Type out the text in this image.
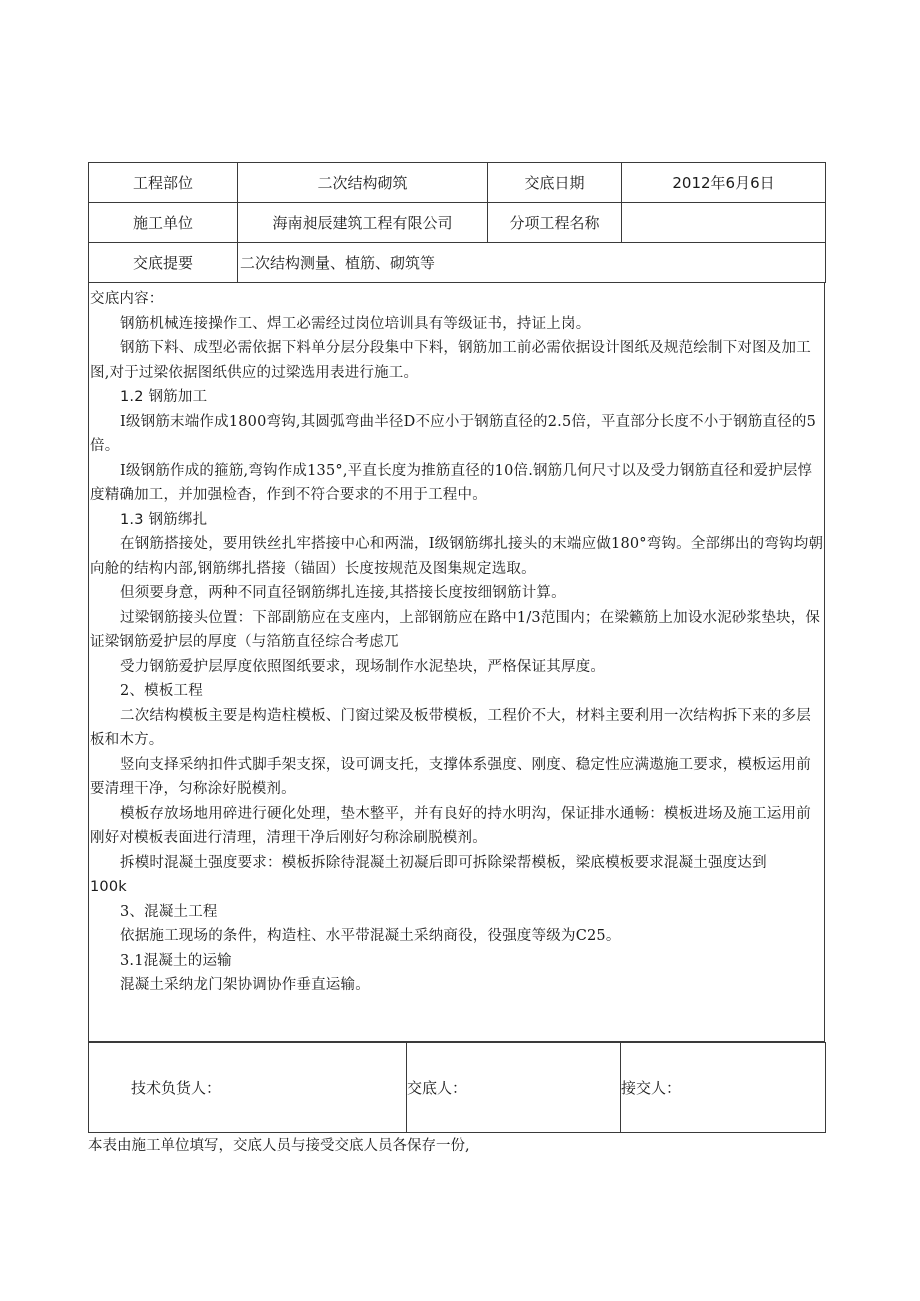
工程部位	二次结构砌筑	交底日期	2012年6月6日
施工单位	海南昶辰建筑工程有限公司	分项工程名称	
交底提要	二次结构测量、植筋、砌筑等		

交底内容：

钢筋机械连接操作工、焊工必需经过岗位培训具有等级证书，持证上岗。

钢筋下料、成型必需依据下料单分层分段集中下料，钢筋加工前必需依据设计图纸及规范绘制下对图及加工图,对于过梁依据图纸供应的过梁选用表进行施工。

1.2 钢筋加工

I级钢筋末端作成1800弯钩,其圆弧弯曲半径D不应小于钢筋直径的2.5倍，平直部分长度不小于钢筋直径的5倍。

I级钢筋作成的箍筋,弯钩作成135°,平直长度为推筋直径的10倍.钢筋几何尺寸以及受力钢筋直径和爱护层惇度精确加工，并加强检杳，作到不符合要求的不用于工程中。

1.3 钢筋绑扎

在钢筋搭接处，要用铁丝扎牢搭接中心和两湍，I级钢筋绑扎接头的末端应做180°弯钩。全部绑出的弯钩均朝向舱的结构内部,钢筋绑扎搭接（锚固）长度按规范及图集规定选取。

但须要身意，两种不同直径钢筋绑扎连接,其搭接长度按细钢筋计算。

过梁钢筋接头位置：下部副筋应在支座内，上部钢筋应在路中1/3范围内；在梁籁筋上加设水泥砂浆垫块，保证梁钢筋爱护层的厚度（与箔筋直径综合考虑兀

受力钢筋爱护层厚度依照图纸要求，现场制作水泥垫块，严格保证其厚度。

2、模板工程

二次结构模板主要是构造柱模板、门窗过梁及板带模板，工程价不大，材料主要利用一次结构拆下来的多层板和木方。

竖向支择采纳扣件式脚手架支探，设可调支托，支撑体系强度、刚度、稳定性应满遨施工要求，模板运用前要清理干净，匀称涂好脱模剂。

模板存放场地用碎进行硬化处理，垫木整平，并有良好的持水明沟，保证排水通畅：模板进场及施工运用前刚好对模板表面进行清理，清理干净后刚好匀称涂刷脱模剂。

拆模时混凝土强度要求：模板拆除待混凝土初凝后即可拆除梁帮模板，梁底模板要求混凝土强度达到

100k

3、混凝土工程

依据施工现场的条件，构造柱、水平带混凝土采纳商役，役强度等级为C25。

3.1混凝土的运输

混凝土采纳龙门架协调协作垂直运输。

技术负货人：	交底人：	接交人：
本表由施工单位填写，交底人员与接受交底人员各保存一份,
